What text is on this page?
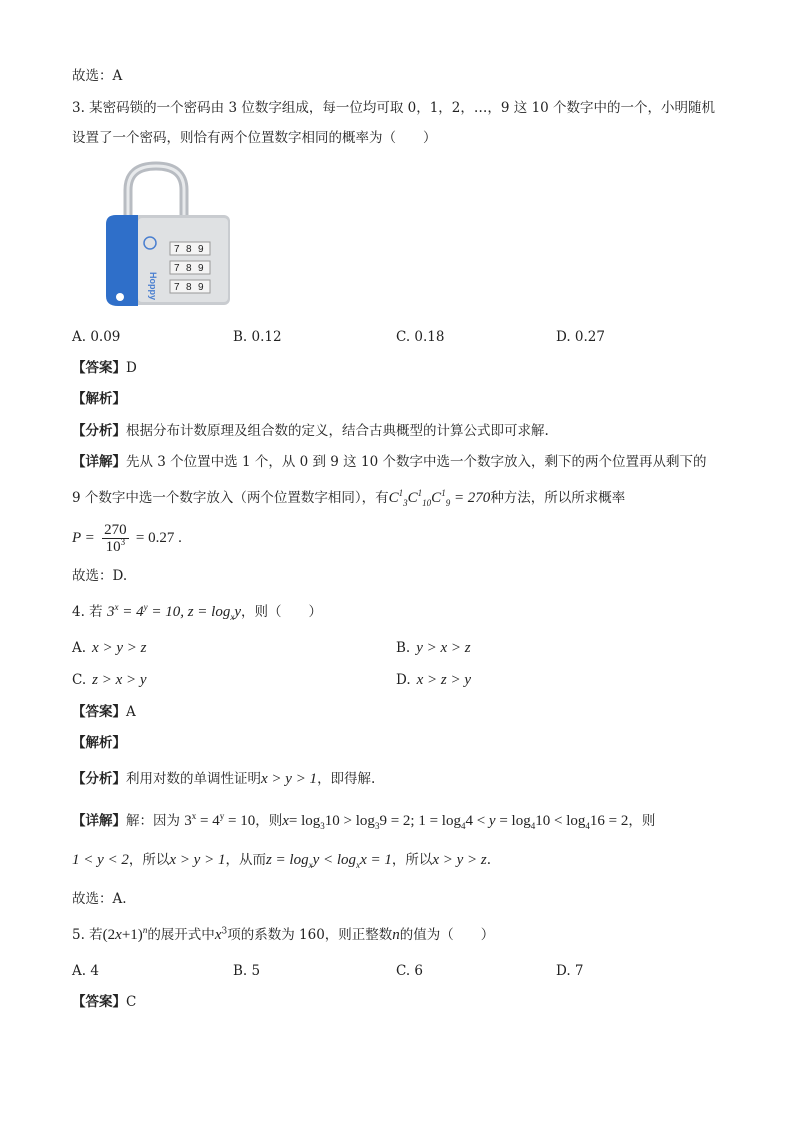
故选：A
3. 某密码锁的一个密码由 3 位数字组成，每一位均可取 0，1，2，…，9 这 10 个数字中的一个，小明随机
设置了一个密码，则恰有两个位置数字相同的概率为（　　）
Hoppy
7 8 9
7 8 9
7 8 9
A. 0.09	B. 0.12	C. 0.18	D. 0.27
【答案】D
【解析】
【分析】根据分布计数原理及组合数的定义，结合古典概型的计算公式即可求解.
【详解】先从 3 个位置中选 1 个，从 0 到 9 这 10 个数字中选一个数字放入，剩下的两个位置再从剩下的
9 个数字中选一个数字放入（两个位置数字相同），有$C^1_3C^1_{10}C^1_9 = 270$种方法，所以所求概率
$P = \frac{270}{10^3} = 0.27$ .
故选：D.
4. 若 $3^x = 4^y = 10$, $z = \log_xy$，则（　　）
A. x > y > z	B. y > x > z
C. z > x > y	D. x > z > y
【答案】A
【解析】
【分析】利用对数的单调性证明x > y > 1，即得解.
【详解】解：因为 $3^x = 4^y = 10$，则$x= \log_310 > \log_39 = 2$; $1 = \log_44 < y = \log_410 < \log_416 = 2$，则
1 < y < 2，所以x > y > 1，从而$z = \log_xy < \log_xx = 1$，所以x > y > z.
故选：A.
5. 若$(2x+1)^n$的展开式中$x^3$项的系数为 160，则正整数n的值为（　　）
A. 4	B. 5	C. 6	D. 7
【答案】C
